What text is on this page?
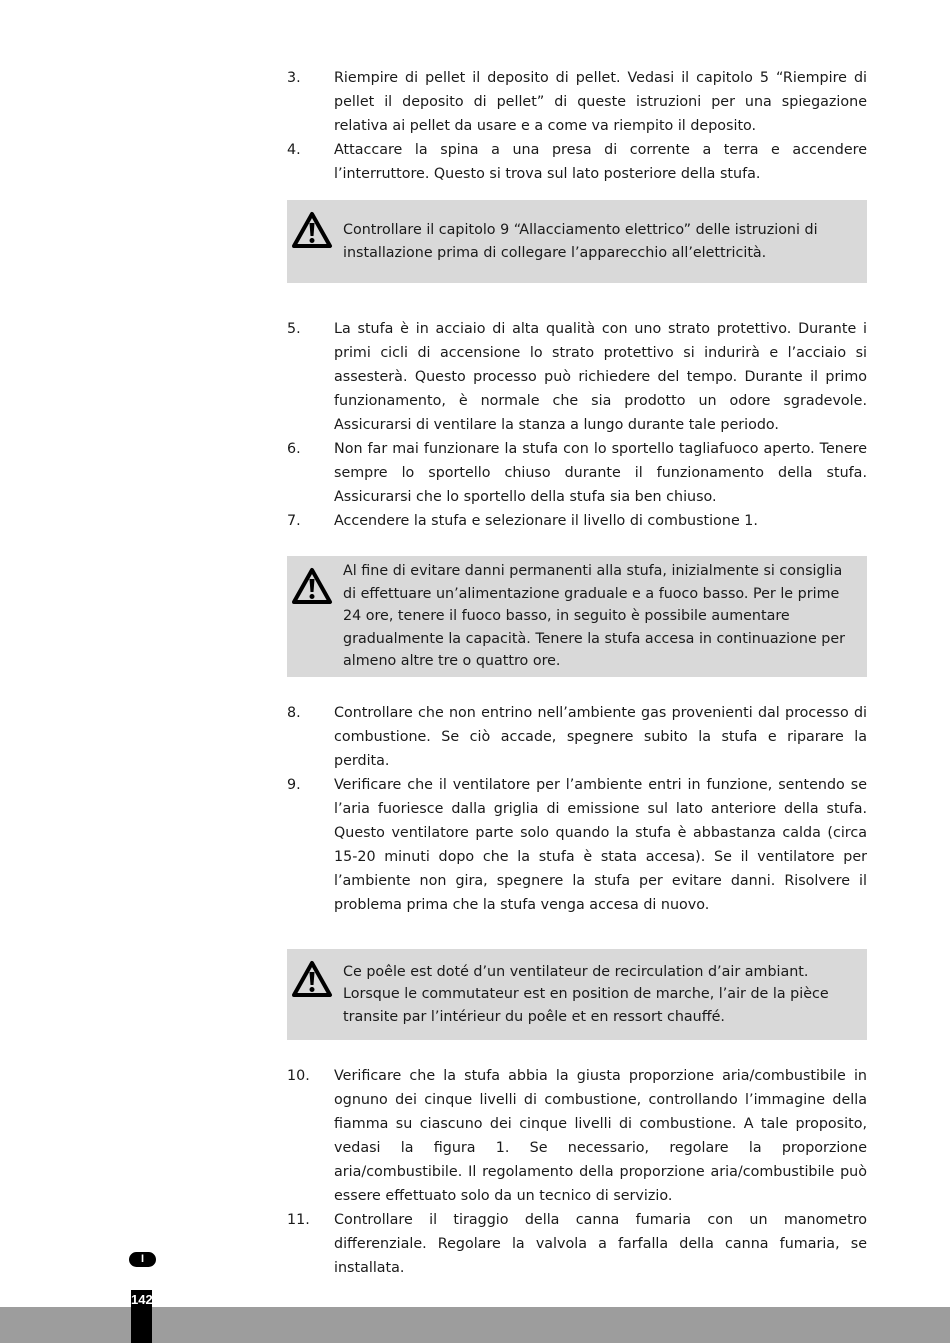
3.	Riempire di pellet il deposito di pellet. Vedasi il capitolo 5 “Riempire di pellet il deposito di pellet” di queste istruzioni per una spiegazione relativa ai pellet da usare e a come va riempito il deposito.
4.	Attaccare la spina a una presa di corrente a terra e accendere l’interruttore. Questo si trova sul lato posteriore della stufa.
Controllare il capitolo 9 “Allacciamento elettrico” delle istruzioni di installazione prima di collegare l’apparecchio all’elettricità.
5.	La stufa è in acciaio di alta qualità con uno strato protettivo. Durante i primi cicli di accensione lo strato protettivo si indurirà e l’acciaio si assesterà. Questo processo può richiedere del tempo. Durante il primo funzionamento, è normale che sia prodotto un odore sgradevole. Assicurarsi di ventilare la stanza a lungo durante tale periodo.
6.	Non far mai funzionare la stufa con lo sportello tagliafuoco aperto. Tenere sempre lo sportello chiuso durante il funzionamento della stufa. Assicurarsi che lo sportello della stufa sia ben chiuso.
7.	Accendere la stufa e selezionare il livello di combustione 1.
Al fine di evitare danni permanenti alla stufa, inizialmente si consiglia di effettuare un’alimentazione graduale e a fuoco basso. Per le prime 24 ore, tenere il fuoco basso, in seguito è possibile aumentare gradualmente la capacità. Tenere la stufa accesa in continuazione per almeno altre tre o quattro ore.
8.	Controllare che non entrino nell’ambiente gas provenienti dal processo di combustione. Se ciò accade, spegnere subito la stufa e riparare la perdita.
9.	Verificare che il ventilatore per l’ambiente entri in funzione, sentendo se l’aria fuoriesce dalla griglia di emissione sul lato anteriore della stufa. Questo ventilatore parte solo quando la stufa è abbastanza calda (circa 15-20 minuti dopo che la stufa è stata accesa). Se il ventilatore per l’ambiente non gira, spegnere la stufa per evitare danni. Risolvere il problema prima che la stufa venga accesa di nuovo.
Ce poêle est doté d’un ventilateur de recirculation d’air ambiant. Lorsque le commutateur est en position de marche, l’air de la pièce transite par l’intérieur du poêle et en ressort chauffé.
10.	Verificare che la stufa abbia la giusta proporzione aria/combustibile in ognuno dei cinque livelli di combustione, controllando l’immagine della fiamma su ciascuno dei cinque livelli di combustione. A tale proposito, vedasi la figura 1. Se necessario, regolare la proporzione aria/combustibile. Il regolamento della proporzione aria/combustibile può essere effettuato solo da un tecnico di servizio.
11.	Controllare il tiraggio della canna fumaria con un manometro differenziale. Regolare la valvola a farfalla della canna fumaria, se installata.
I
142
